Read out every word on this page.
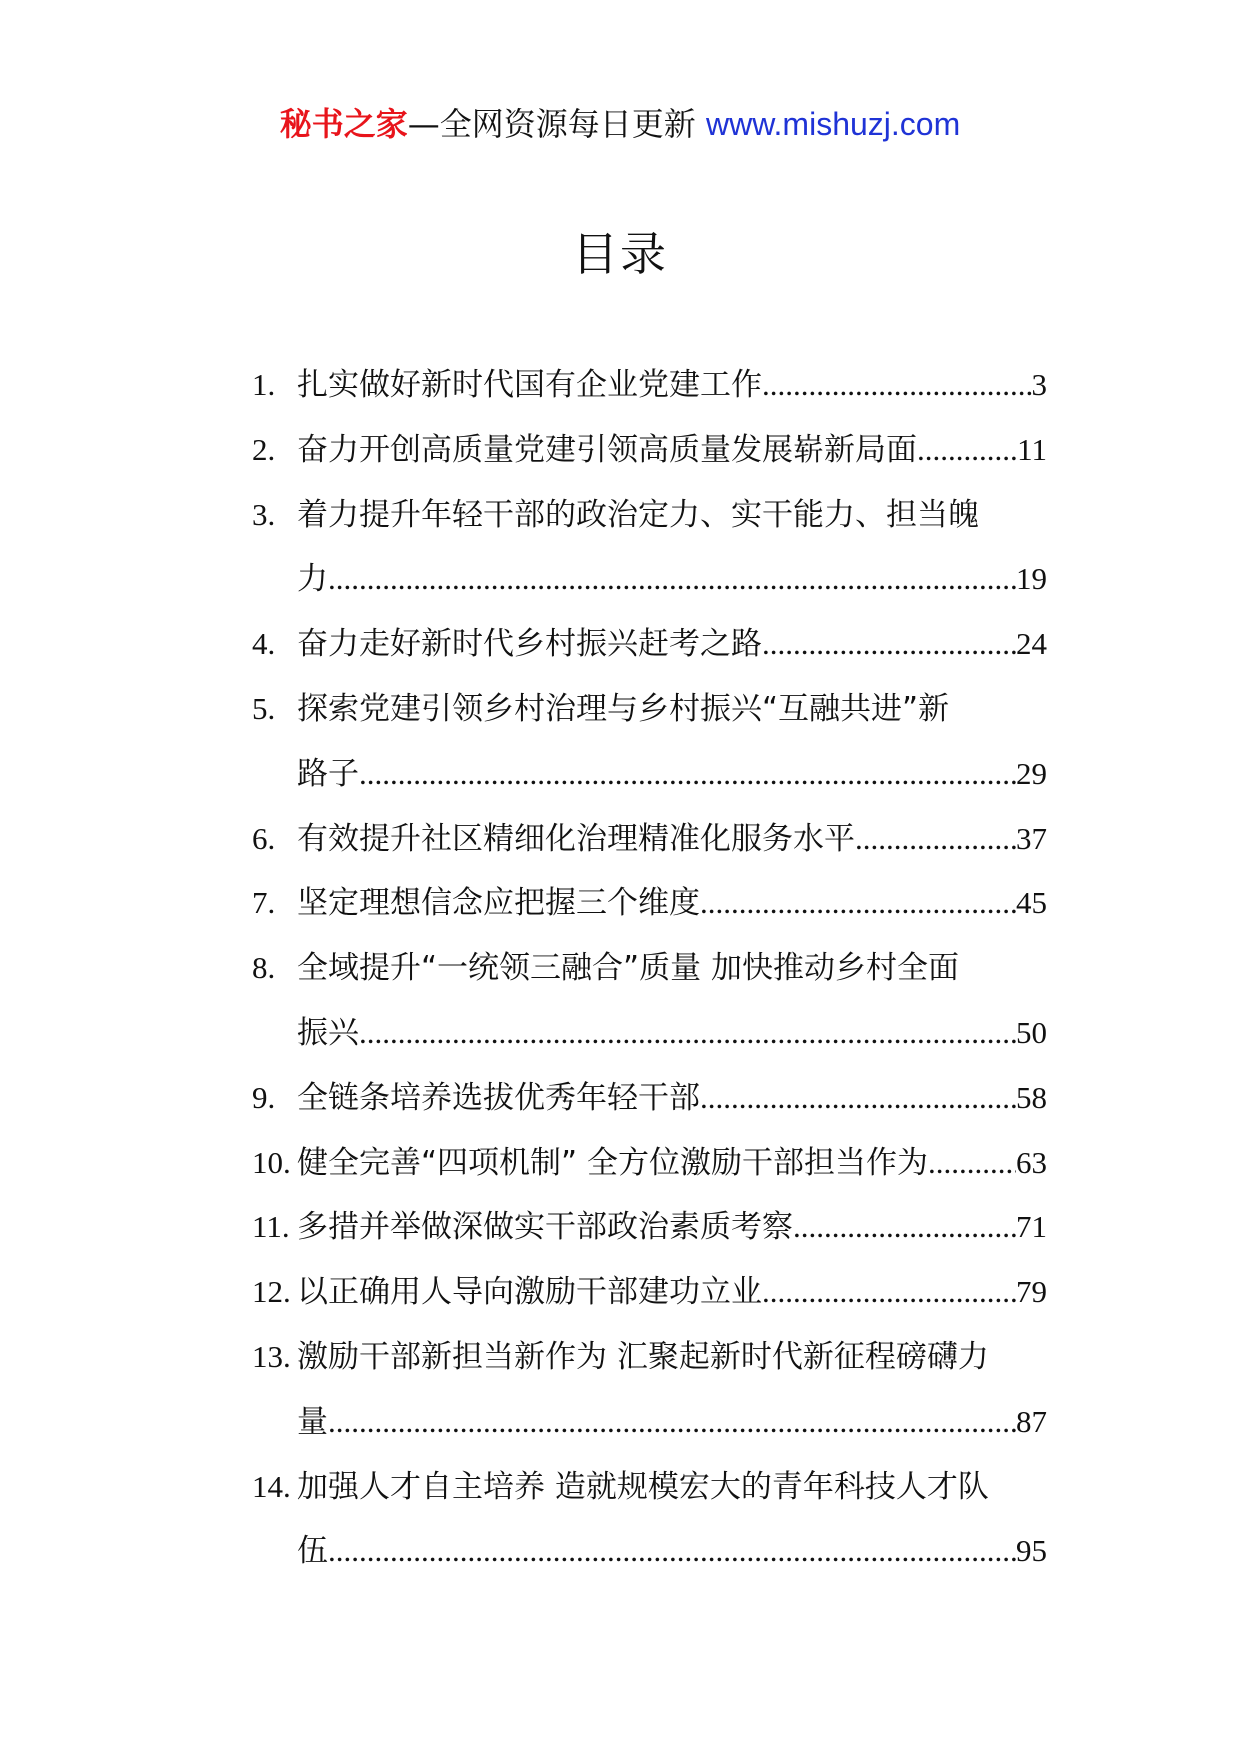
秘书之家—全网资源每日更新 www.mishuzj.com
目录
1. 扎实做好新时代国有企业党建工作 .....	3
2. 奋力开创高质量党建引领高质量发展崭新局面 .....	11
3. 着力提升年轻干部的政治定力、实干能力、担当魄
力 .....	19
4. 奋力走好新时代乡村振兴赶考之路 .....	24
5. 探索党建引领乡村治理与乡村振兴“互融共进”新
路子 .....	29
6. 有效提升社区精细化治理精准化服务水平 .....	37
7. 坚定理想信念应把握三个维度 .....	45
8. 全域提升“一统领三融合”质量 加快推动乡村全面
振兴 .....	50
9. 全链条培养选拔优秀年轻干部 .....	58
10. 健全完善“四项机制” 全方位激励干部担当作为 .....	63
11. 多措并举做深做实干部政治素质考察 .....	71
12. 以正确用人导向激励干部建功立业 .....	79
13. 激励干部新担当新作为 汇聚起新时代新征程磅礴力
量 .....	87
14. 加强人才自主培养 造就规模宏大的青年科技人才队
伍 .....	95
